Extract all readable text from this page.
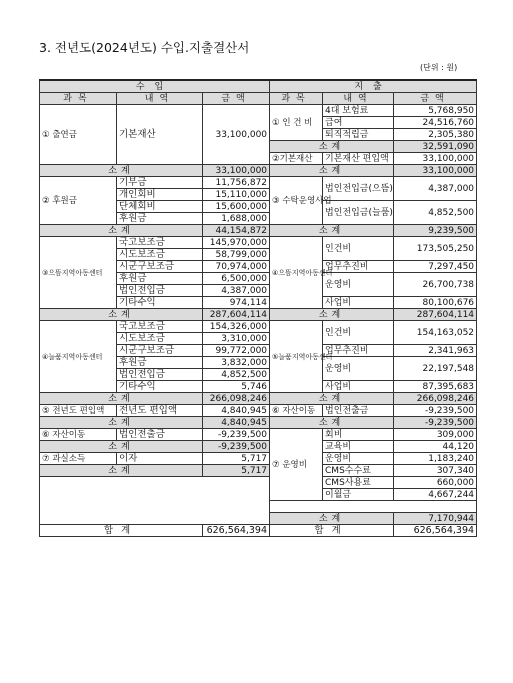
3. 전년도(2024년도) 수입.지출결산서
(단위 : 원)
수입			지출		
과목	내역	금액	과목	내역	금액
① 출연금	기본재산	33,100,000	① 인 건 비	4대 보험료	5,768,950
				급여	24,516,760
				퇴직적립금	2,305,380
			소계		32,591,090
			②기본재산	기본재산 편입액	33,100,000
소계		33,100,000	소계		33,100,000
② 후원금	기부금	11,756,872	③ 수탁운영사업	법인전입금(으뜸)	4,387,000
	개인회비	15,110,000			
	단체회비	15,600,000		법인전입금(늘품)	4,852,500
	후원금	1,688,000			
소계		44,154,872	소계		9,239,500
③으뜸지역아동센터	국고보조금	145,970,000	④으뜸지역아동센터	인건비	173,505,250
	시도보조금	58,799,000			
	시군구보조금	70,974,000		업무추진비	7,297,450
	후원금	6,500,000		운영비	26,700,738
	법인전입금	4,387,000			
	기타수익	974,114		사업비	80,100,676
소계		287,604,114	소계		287,604,114
④늘품지역아동센터	국고보조금	154,326,000	⑤늘품지역아동센터	인건비	154,163,052
	시도보조금	3,310,000			
	시군구보조금	99,772,000		업무추진비	2,341,963
	후원금	3,832,000		운영비	22,197,548
	법인전입금	4,852,500			
	기타수익	5,746		사업비	87,395,683
소계		266,098,246	소계		266,098,246
⑤ 전년도 편입액	전년도 편입액	4,840,945	⑥ 자산이동	법인전출금	-9,239,500
소계		4,840,945	소계		-9,239,500
⑥ 자산이동	법인전출금	-9,239,500	⑦ 운영비	회비	309,000
소계		-9,239,500		교육비	44,120
⑦ 과실소득	이자	5,717		운영비	1,183,240
소계		5,717		CMS수수료	307,340
				CMS사용료	660,000
				이월금	4,667,244

			소계		7,170,944
합계		626,564,394	합계		626,564,394
